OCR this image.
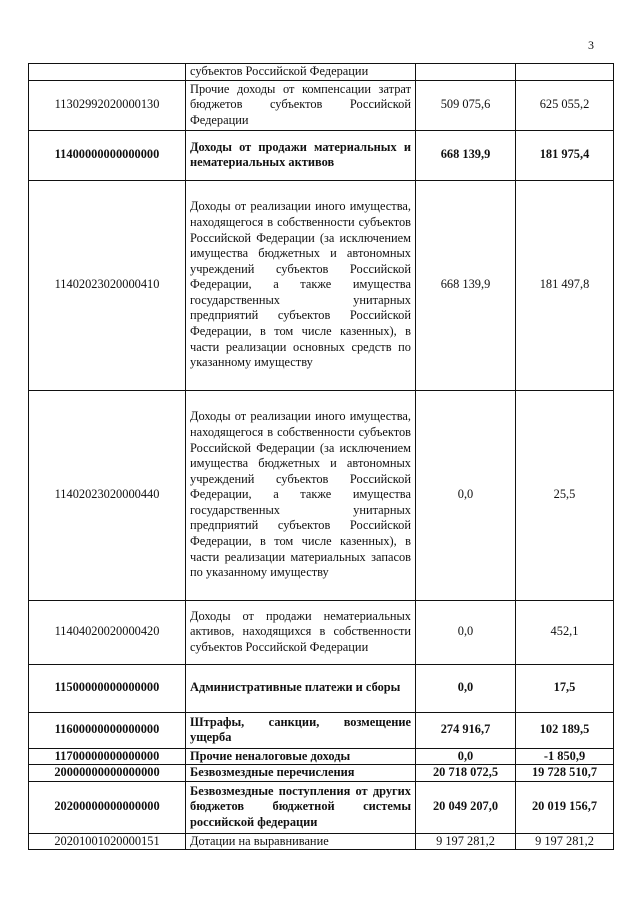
3
	субъектов Российской Федерации		
11302992020000130	Прочие доходы от компенсации затрат бюджетов субъектов Российской Федерации	509 075,6	625 055,2
11400000000000000	Доходы от продажи материальных и нематериальных активов	668 139,9	181 975,4
11402023020000410	Доходы от реализации иного имущества, находящегося в собственности субъектов Российской Федерации (за исключением имущества бюджетных и автономных учреждений субъектов Российской Федерации, а также имущества государственных унитарных предприятий субъектов Российской Федерации, в том числе казенных), в части реализации основных средств по указанному имуществу	668 139,9	181 497,8
11402023020000440	Доходы от реализации иного имущества, находящегося в собственности субъектов Российской Федерации (за исключением имущества бюджетных и автономных учреждений субъектов Российской Федерации, а также имущества государственных унитарных предприятий субъектов Российской Федерации, в том числе казенных), в части реализации материальных запасов по указанному имуществу	0,0	25,5
11404020020000420	Доходы от продажи нематериальных активов, находящихся в собственности субъектов Российской Федерации	0,0	452,1
11500000000000000	Административные платежи и сборы	0,0	17,5
11600000000000000	Штрафы, санкции, возмещение ущерба	274 916,7	102 189,5
11700000000000000	Прочие неналоговые доходы	0,0	-1 850,9
20000000000000000	Безвозмездные перечисления	20 718 072,5	19 728 510,7
20200000000000000	Безвозмездные поступления от других бюджетов бюджетной системы российской федерации	20 049 207,0	20 019 156,7
20201001020000151	Дотации на выравнивание	9 197 281,2	9 197 281,2
